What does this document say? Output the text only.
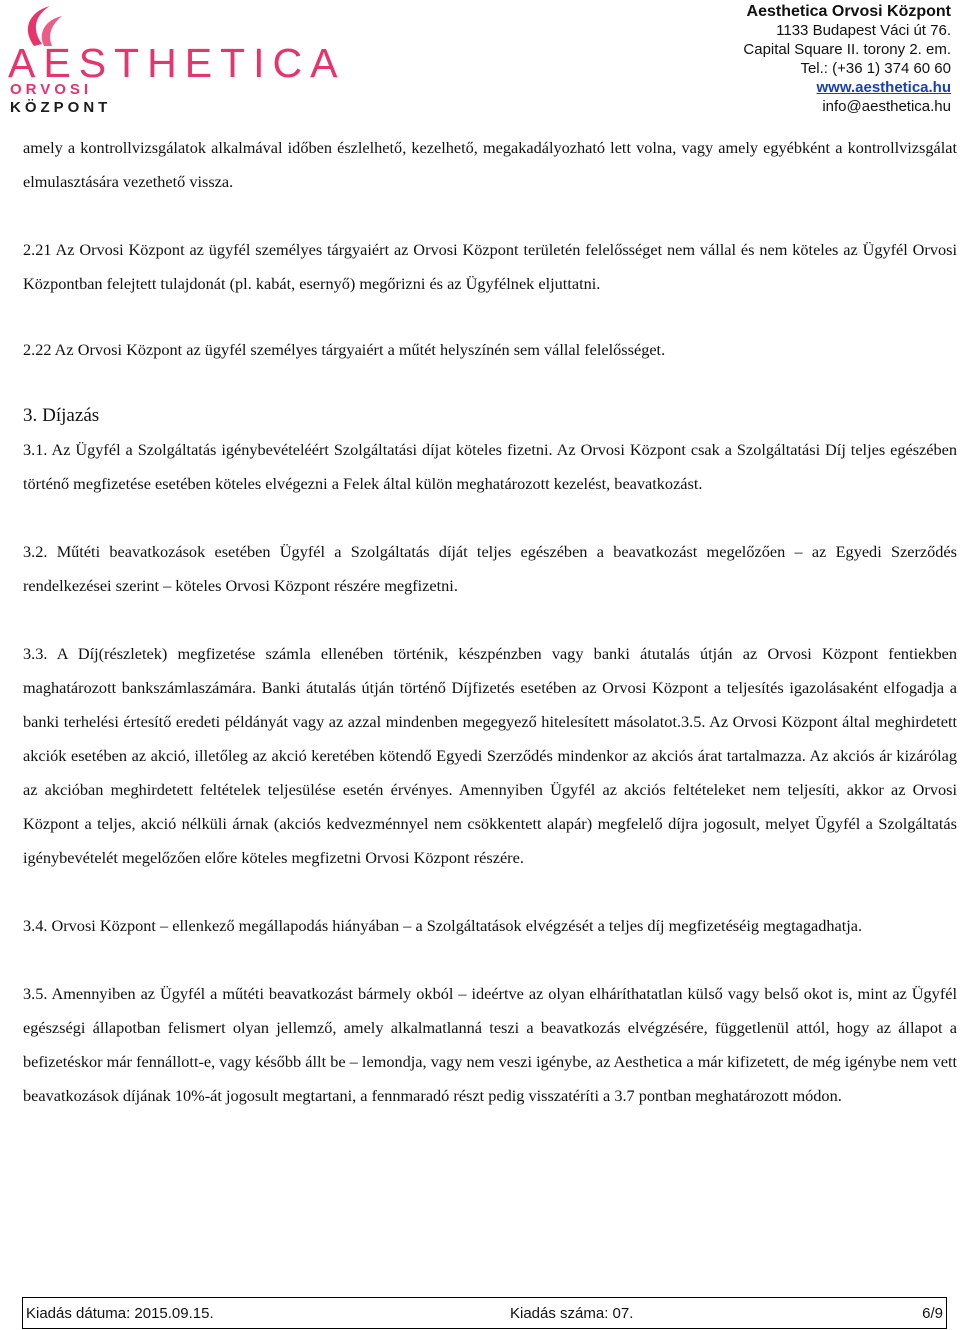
AESTHETICA
ORVOSI
KÖZPONT
Aesthetica Orvosi Központ
1133 Budapest Váci út 76.
Capital Square II. torony 2. em.
Tel.: (+36 1) 374 60 60
www.aesthetica.hu
info@aesthetica.hu

amely a kontrollvizsgálatok alkalmával időben észlelhető, kezelhető, megakadályozható lett volna, vagy amely egyébként a kontrollvizsgálat elmulasztására vezethető vissza.

2.21 Az Orvosi Központ az ügyfél személyes tárgyaiért az Orvosi Központ területén felelősséget nem vállal és nem köteles az Ügyfél Orvosi Központban felejtett tulajdonát (pl. kabát, esernyő) megőrizni és az Ügyfélnek eljuttatni.

2.22 Az Orvosi Központ az ügyfél személyes tárgyaiért a műtét helyszínén sem vállal felelősséget.

3. Díjazás

3.1. Az Ügyfél a Szolgáltatás igénybevételéért Szolgáltatási díjat köteles fizetni. Az Orvosi Központ csak a Szolgáltatási Díj teljes egészében történő megfizetése esetében köteles elvégezni a Felek által külön meghatározott kezelést, beavatkozást.

3.2. Műtéti beavatkozások esetében Ügyfél a Szolgáltatás díját teljes egészében a beavatkozást megelőzően – az Egyedi Szerződés rendelkezései szerint – köteles Orvosi Központ részére megfizetni.

3.3. A Díj(részletek) megfizetése számla ellenében történik, készpénzben vagy banki átutalás útján az Orvosi Központ fentiekben maghatározott bankszámlaszámára. Banki átutalás útján történő Díjfizetés esetében az Orvosi Központ a teljesítés igazolásaként elfogadja a banki terhelési értesítő eredeti példányát vagy az azzal mindenben megegyező hitelesített másolatot.3.5. Az Orvosi Központ által meghirdetett akciók esetében az akció, illetőleg az akció keretében kötendő Egyedi Szerződés mindenkor az akciós árat tartalmazza. Az akciós ár kizárólag az akcióban meghirdetett feltételek teljesülése esetén érvényes. Amennyiben Ügyfél az akciós feltételeket nem teljesíti, akkor az Orvosi Központ a teljes, akció nélküli árnak (akciós kedvezménnyel nem csökkentett alapár) megfelelő díjra jogosult, melyet Ügyfél a Szolgáltatás igénybevételét megelőzően előre köteles megfizetni Orvosi Központ részére.

3.4. Orvosi Központ – ellenkező megállapodás hiányában – a Szolgáltatások elvégzését a teljes díj megfizetéséig megtagadhatja.

3.5. Amennyiben az Ügyfél a műtéti beavatkozást bármely okból – ideértve az olyan elháríthatatlan külső vagy belső okot is, mint az Ügyfél egészségi állapotban felismert olyan jellemző, amely alkalmatlanná teszi a beavatkozás elvégzésére, függetlenül attól, hogy az állapot a befizetéskor már fennállott-e, vagy később állt be – lemondja, vagy nem veszi igénybe, az Aesthetica a már kifizetett, de még igénybe nem vett beavatkozások díjának 10%-át jogosult megtartani, a fennmaradó részt pedig visszatéríti a 3.7 pontban meghatározott módon.

Kiadás dátuma: 2015.09.15.	Kiadás száma: 07.	6/9
